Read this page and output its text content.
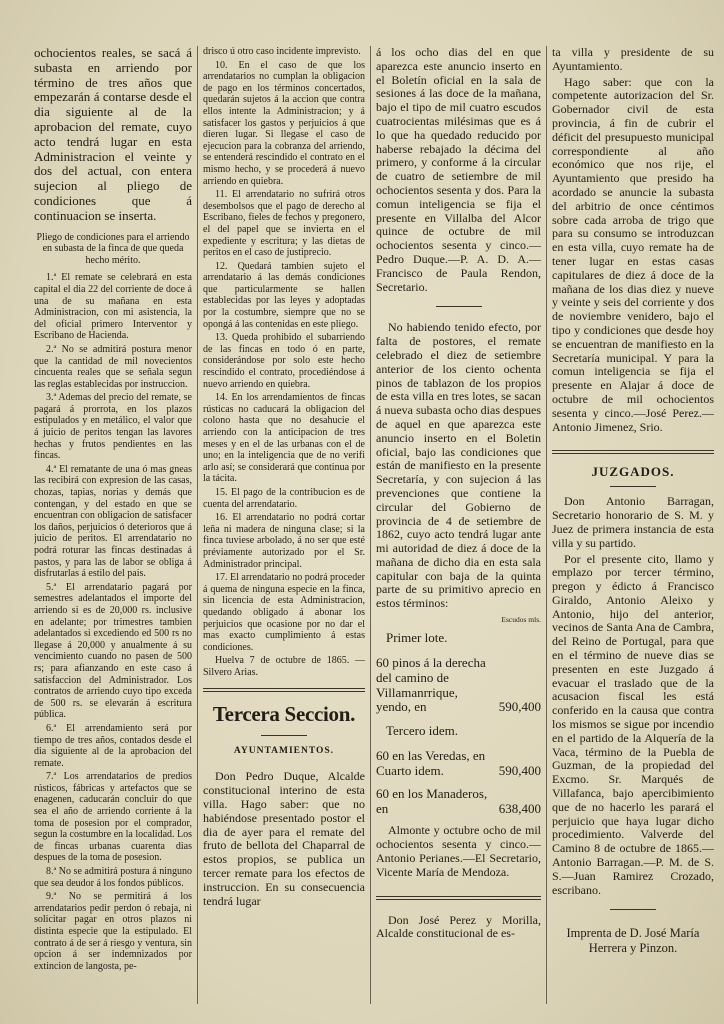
ochocientos reales, se sacá á subasta en arriendo por término de tres años que empezarán á contarse desde el dia siguiente al de la aprobacion del remate, cuyo acto tendrá lugar en esta Administracion el veinte y dos del actual, con entera sujecion al pliego de condiciones que á continuacion se inserta.

Pliego de condiciones para el arriendo en subasta de la finca de que queda hecho mérito.

1.ª El remate se celebrará en esta capital el dia 22 del corriente de doce á una de su mañana en esta Administracion, con mi asistencia, la del oficial primero Interventor y Escribano de Hacienda.

2.ª No se admitirá postura menor que la cantidad de mil novecientos cincuenta reales que se señala segun las reglas establecidas por instruccion.

3.ª Ademas del precio del remate, se pagará á prorrota, en los plazos estipulados y en metálico, el valor que á juicio de peritos tengan las lavores hechas y frutos pendientes en las fincas.

4.ª El rematante de una ó mas gneas las recibirá con expresion de las casas, chozas, tapias, norias y demás que contengan, y del estado en que se encuentran con obligacion de satisfacer los daños, perjuicios ó deterioros que á juicio de peritos. El arrendatario no podrá roturar las fincas destinadas á pastos, y para las de labor se obliga á disfrutarlas á estilo del pais.

5.ª El arrendatario pagará por semestres adelantados el importe del arriendo si es de 20,000 rs. inclusive en adelante; por trimestres tambien adelantados si excediendo ed 500 rs no llegase á 20,000 y anualmente á su vencimiento cuando no pasen de 500 rs; para afianzando en este caso á satisfaccion del Administrador. Los contratos de arriendo cuyo tipo exceda de 500 rs. se elevarán á escritura pública.

6.ª El arrendamiento será por tiempo de tres años, contados desde el dia siguiente al de la aprobacion del remate.

7.ª Los arrendatarios de predios rústicos, fábricas y artefactos que se enagenen, caducarán concluir do que sea el año de arriendo corriente á la toma de posesion por el comprador, segun la costumbre en la localidad. Los de fincas urbanas cuarenta dias despues de la toma de posesion.

8.ª No se admitirá postura á ninguno que sea deudor á los fondos públicos.

9.ª No se permitirá á los arrendatarios pedir perdon ó rebaja, ni solicitar pagar en otros plazos ni distinta especie que la estipulado. El contrato á de ser á riesgo y ventura, sin opcion á ser indemnizados por extincion de langosta, pe-

drisco ú otro caso incidente imprevisto.

10. En el caso de que los arrendatarios no cumplan la obligacion de pago en los términos concertados, quedarán sujetos á la accion que contra ellos intente la Administracion; y á satisfacer los gastos y perjuicios á que dieren lugar. Si llegase el caso de ejecucion para la cobranza del arriendo, se entenderá rescindido el contrato en el mismo hecho, y se procederá á nuevo arriendo en quiebra.

11. El arrendatario no sufrirá otros desembolsos que el pago de derecho al Escribano, fieles de fechos y pregonero, el del papel que se invierta en el expediente y escritura; y las dietas de peritos en el caso de justiprecio.

12. Quedará tambien sujeto el arrendatario á las demás condiciones que particularmente se hallen establecidas por las leyes y adoptadas por la costumbre, siempre que no se opongá á las contenidas en este pliego.

13. Queda prohibido el subarriendo de las fincas en todo ó en parte, considerándose por solo este hecho rescindido el contrato, procediéndose á nuevo arriendo en quiebra.

14. En los arrendamientos de fincas rústicas no caducará la obligacion del colono hasta que no desahucie el arriendo con la anticipacion de tres meses y en el de las urbanas con el de uno; en la inteligencia que de no verifi arlo así; se considerará que continua por la tácita.

15. El pago de la contribucion es de cuenta del arrendatario.

16. El arrendatario no podrá cortar leña ni madera de ninguna clase; si la finca tuviese arbolado, á no ser que esté préviamente autorizado por el Sr. Administrador principal.

17. El arrendatario no podrá proceder á quema de ninguna especie en la finca, sin licencia de esta Administracion, quedando obligado á abonar los perjuicios que ocasione por no dar el mas exacto cumplimiento á estas condiciones.

Huelva 7 de octubre de 1865. —Silvero Arias.

Tercera Seccion.
AYUNTAMIENTOS.

Don Pedro Duque, Alcalde constitucional interino de esta villa. Hago saber: que no habiéndose presentado postor el dia de ayer para el remate del fruto de bellota del Chaparral de estos propios, se publica un tercer remate para los efectos de instruccion. En su consecuencia tendrá lugar

á los ocho dias del en que aparezca este anuncio inserto en el Boletín oficial en la sala de sesiones á las doce de la mañana, bajo el tipo de mil cuatro escudos cuatrocientas milésimas que es á lo que ha quedado reducido por haberse rebajado la décima del primero, y conforme á la circular de cuatro de setiembre de mil ochocientos sesenta y dos. Para la comun inteligencia se fija el presente en Villalba del Alcor quince de octubre de mil ochocientos sesenta y cinco.—Pedro Duque.—P. A. D. A.—Francisco de Paula Rendon, Secretario.

No habiendo tenido efecto, por falta de postores, el remate celebrado el diez de setiembre anterior de los ciento ochenta pinos de tablazon de los propios de esta villa en tres lotes, se sacan á nueva subasta ocho dias despues de aquel en que aparezca este anuncio inserto en el Boletin oficial, bajo las condiciones que están de manifiesto en la presente Secretaría, y con sujecion á las prevenciones que contiene la circular del Gobierno de provincia de 4 de setiembre de 1862, cuyo acto tendrá lugar ante mi autoridad de diez á doce de la mañana de dicho dia en esta sala capitular con baja de la quinta parte de su primitivo aprecio en estos términos:

Escudos mls.
Primer lote.
60 pinos á la derecha del camino de Villamanrrique, yendo, en	590,400
Tercero idem.
60 en las Veredas, en Cuarto idem.	590,400
60 en los Manaderos, en	638,400

Almonte y octubre ocho de mil ochocientos sesenta y cinco.—Antonio Perianes.—El Secretario, Vicente María de Mendoza.

Don José Perez y Morilla, Alcalde constitucional de es-

ta villa y presidente de su Ayuntamiento.

Hago saber: que con la competente autorizacion del Sr. Gobernador civil de esta provincia, á fin de cubrir el déficit del presupuesto municipal correspondiente al año económico que nos rije, el Ayuntamiento que presido ha acordado se anuncie la subasta del arbitrio de once céntimos sobre cada arroba de trigo que para su consumo se introduzcan en esta villa, cuyo remate ha de tener lugar en estas casas capitulares de diez á doce de la mañana de los dias diez y nueve y veinte y seis del corriente y dos de noviembre venidero, bajo el tipo y condiciones que desde hoy se encuentran de manifiesto en la Secretaría municipal. Y para la comun inteligencia se fija el presente en Alajar á doce de octubre de mil ochocientos sesenta y cinco.—José Perez.—Antonio Jimenez, Srio.

JUZGADOS.

Don Antonio Barragan, Secretario honorario de S. M. y Juez de primera instancia de esta villa y su partido.

Por el presente cito, llamo y emplazo por tercer término, pregon y édicto á Francisco Giraldo, Antonio Aleixo y Antonio, hijo del anterior, vecinos de Santa Ana de Cambra, del Reino de Portugal, para que en el término de nueve dias se presenten en este Juzgado á evacuar el traslado que de la acusacion fiscal les está conferido en la causa que contra los mismos se sigue por incendio en el partido de la Alquería de la Vaca, término de la Puebla de Guzman, de la propiedad del Excmo. Sr. Marqués de Villafanca, bajo apercibimiento que de no hacerlo les parará el perjuicio que haya lugar dicho procedimiento. Valverde del Camino 8 de octubre de 1865.—Antonio Barragan.—P. M. de S. S.—Juan Ramirez Crozado, escribano.

Imprenta de D. José María Herrera y Pinzon.
